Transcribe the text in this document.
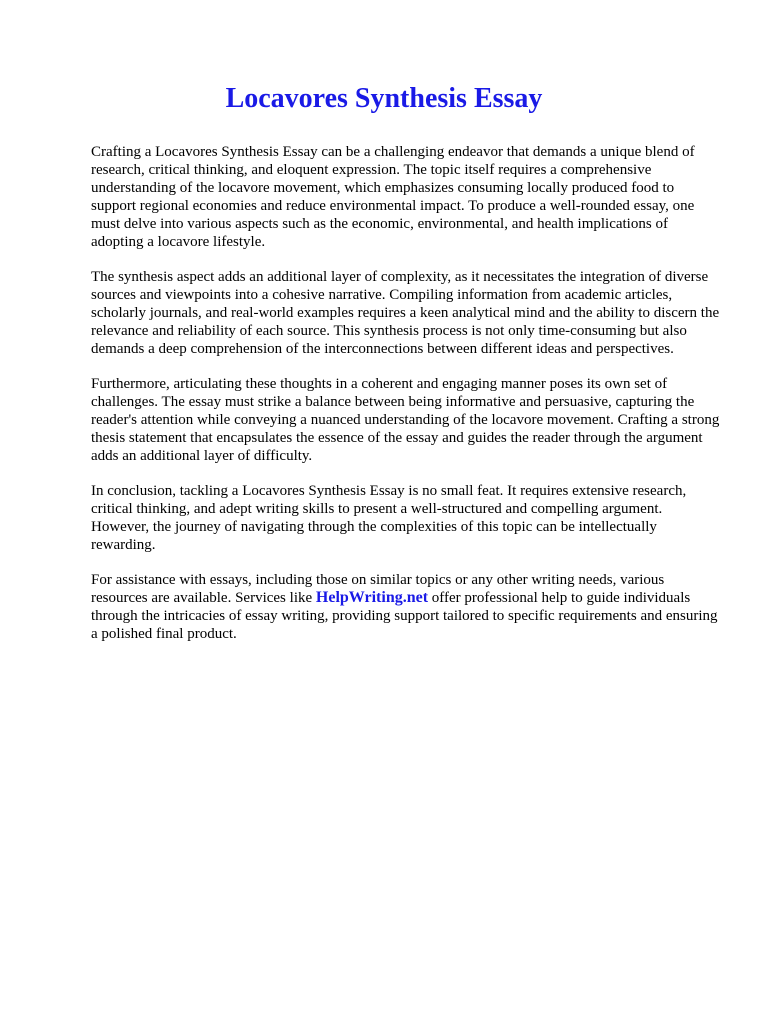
Locavores Synthesis Essay

Crafting a Locavores Synthesis Essay can be a challenging endeavor that demands a unique blend of research, critical thinking, and eloquent expression. The topic itself requires a comprehensive understanding of the locavore movement, which emphasizes consuming locally produced food to support regional economies and reduce environmental impact. To produce a well-rounded essay, one must delve into various aspects such as the economic, environmental, and health implications of adopting a locavore lifestyle.

The synthesis aspect adds an additional layer of complexity, as it necessitates the integration of diverse sources and viewpoints into a cohesive narrative. Compiling information from academic articles, scholarly journals, and real-world examples requires a keen analytical mind and the ability to discern the relevance and reliability of each source. This synthesis process is not only time-consuming but also demands a deep comprehension of the interconnections between different ideas and perspectives.

Furthermore, articulating these thoughts in a coherent and engaging manner poses its own set of challenges. The essay must strike a balance between being informative and persuasive, capturing the reader's attention while conveying a nuanced understanding of the locavore movement. Crafting a strong thesis statement that encapsulates the essence of the essay and guides the reader through the argument adds an additional layer of difficulty.

In conclusion, tackling a Locavores Synthesis Essay is no small feat. It requires extensive research, critical thinking, and adept writing skills to present a well-structured and compelling argument. However, the journey of navigating through the complexities of this topic can be intellectually rewarding.

For assistance with essays, including those on similar topics or any other writing needs, various resources are available. Services like HelpWriting.net offer professional help to guide individuals through the intricacies of essay writing, providing support tailored to specific requirements and ensuring a polished final product.
